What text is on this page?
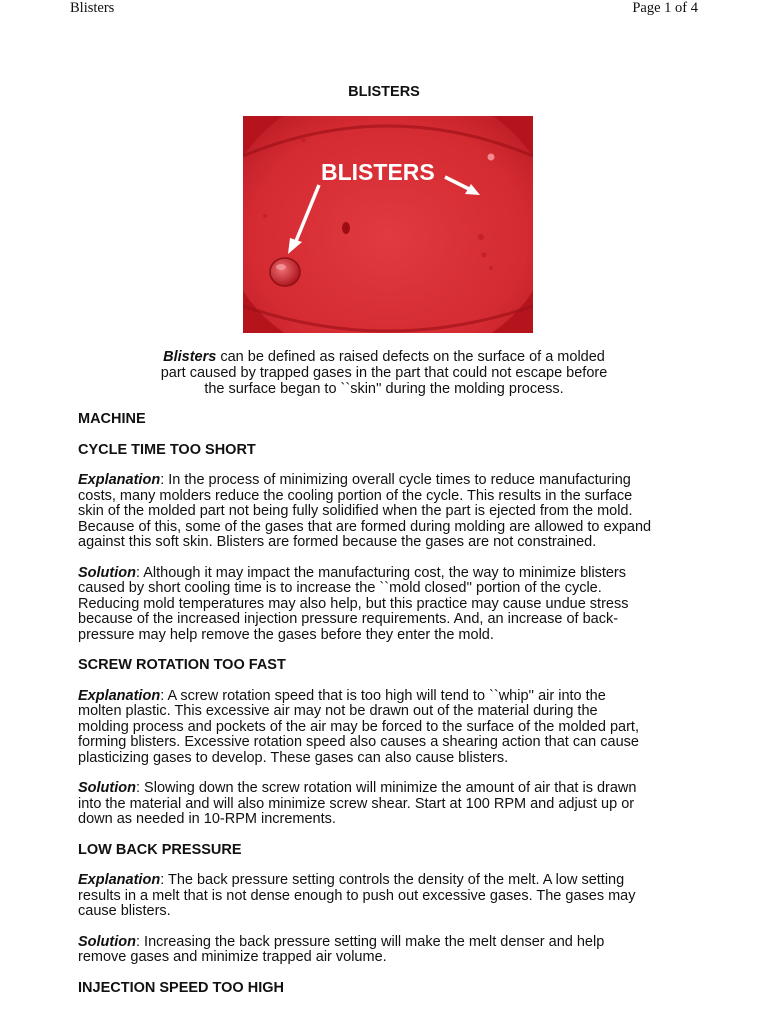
Blisters	Page 1 of 4
BLISTERS
BLISTERS
Blisters can be defined as raised defects on the surface of a molded
part caused by trapped gases in the part that could not escape before
the surface began to ``skin'' during the molding process.
MACHINE
CYCLE TIME TOO SHORT
Explanation: In the process of minimizing overall cycle times to reduce manufacturing
costs, many molders reduce the cooling portion of the cycle. This results in the surface
skin of the molded part not being fully solidified when the part is ejected from the mold.
Because of this, some of the gases that are formed during molding are allowed to expand
against this soft skin. Blisters are formed because the gases are not constrained.
Solution: Although it may impact the manufacturing cost, the way to minimize blisters
caused by short cooling time is to increase the ``mold closed'' portion of the cycle.
Reducing mold temperatures may also help, but this practice may cause undue stress
because of the increased injection pressure requirements. And, an increase of back-
pressure may help remove the gases before they enter the mold.
SCREW ROTATION TOO FAST
Explanation: A screw rotation speed that is too high will tend to ``whip'' air into the
molten plastic. This excessive air may not be drawn out of the material during the
molding process and pockets of the air may be forced to the surface of the molded part,
forming blisters. Excessive rotation speed also causes a shearing action that can cause
plasticizing gases to develop. These gases can also cause blisters.
Solution: Slowing down the screw rotation will minimize the amount of air that is drawn
into the material and will also minimize screw shear. Start at 100 RPM and adjust up or
down as needed in 10-RPM increments.
LOW BACK PRESSURE
Explanation: The back pressure setting controls the density of the melt. A low setting
results in a melt that is not dense enough to push out excessive gases. The gases may
cause blisters.
Solution: Increasing the back pressure setting will make the melt denser and help
remove gases and minimize trapped air volume.
INJECTION SPEED TOO HIGH
